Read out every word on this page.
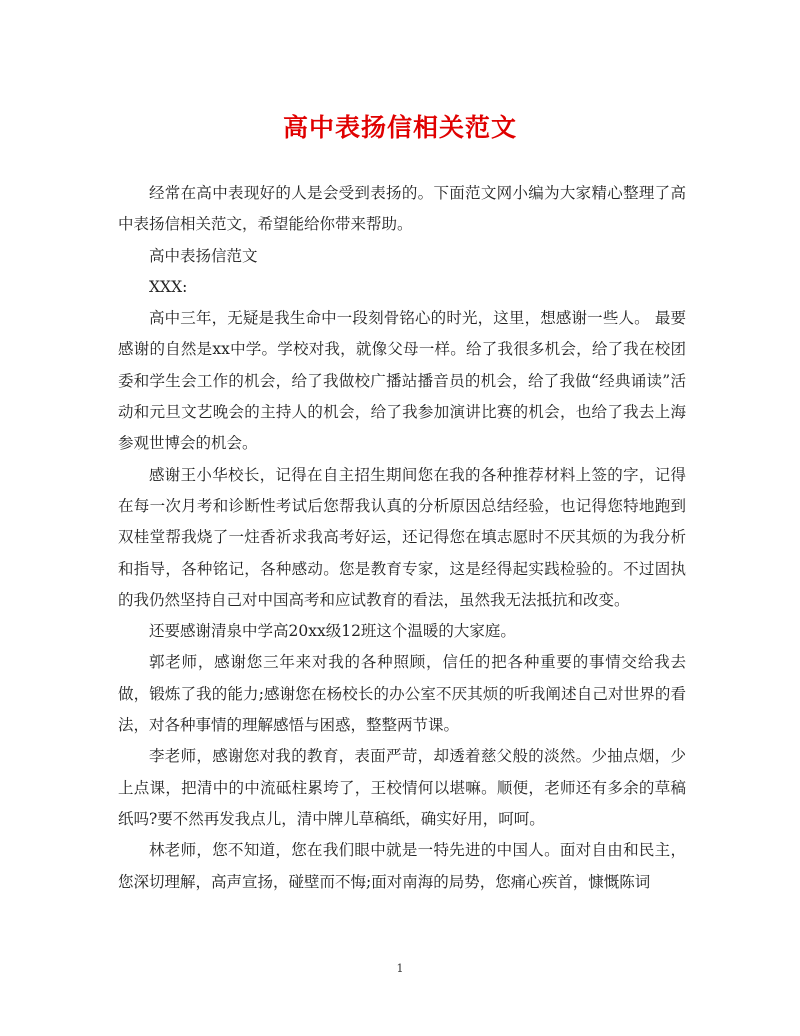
高中表扬信相关范文

经常在高中表现好的人是会受到表扬的。下面范文网小编为大家精心整理了高中表扬信相关范文，希望能给你带来帮助。

高中表扬信范文

XXX:

高中三年，无疑是我生命中一段刻骨铭心的时光，这里，想感谢一些人。 最要感谢的自然是xx中学。学校对我，就像父母一样。给了我很多机会，给了我在校团委和学生会工作的机会，给了我做校广播站播音员的机会，给了我做“经典诵读”活动和元旦文艺晚会的主持人的机会，给了我参加演讲比赛的机会，也给了我去上海参观世博会的机会。

感谢王小华校长，记得在自主招生期间您在我的各种推荐材料上签的字，记得在每一次月考和诊断性考试后您帮我认真的分析原因总结经验，也记得您特地跑到双桂堂帮我烧了一炷香祈求我高考好运，还记得您在填志愿时不厌其烦的为我分析和指导，各种铭记，各种感动。您是教育专家，这是经得起实践检验的。不过固执的我仍然坚持自己对中国高考和应试教育的看法，虽然我无法抵抗和改变。

还要感谢清泉中学高20xx级12班这个温暖的大家庭。

郭老师，感谢您三年来对我的各种照顾，信任的把各种重要的事情交给我去做，锻炼了我的能力;感谢您在杨校长的办公室不厌其烦的听我阐述自己对世界的看法，对各种事情的理解感悟与困惑，整整两节课。

李老师，感谢您对我的教育，表面严苛，却透着慈父般的淡然。少抽点烟，少上点课，把清中的中流砥柱累垮了，王校情何以堪嘛。顺便，老师还有多余的草稿纸吗?要不然再发我点儿，清中牌儿草稿纸，确实好用，呵呵。

林老师，您不知道，您在我们眼中就是一特先进的中国人。面对自由和民主，您深切理解，高声宣扬，碰壁而不悔;面对南海的局势，您痛心疾首，慷慨陈词

1
